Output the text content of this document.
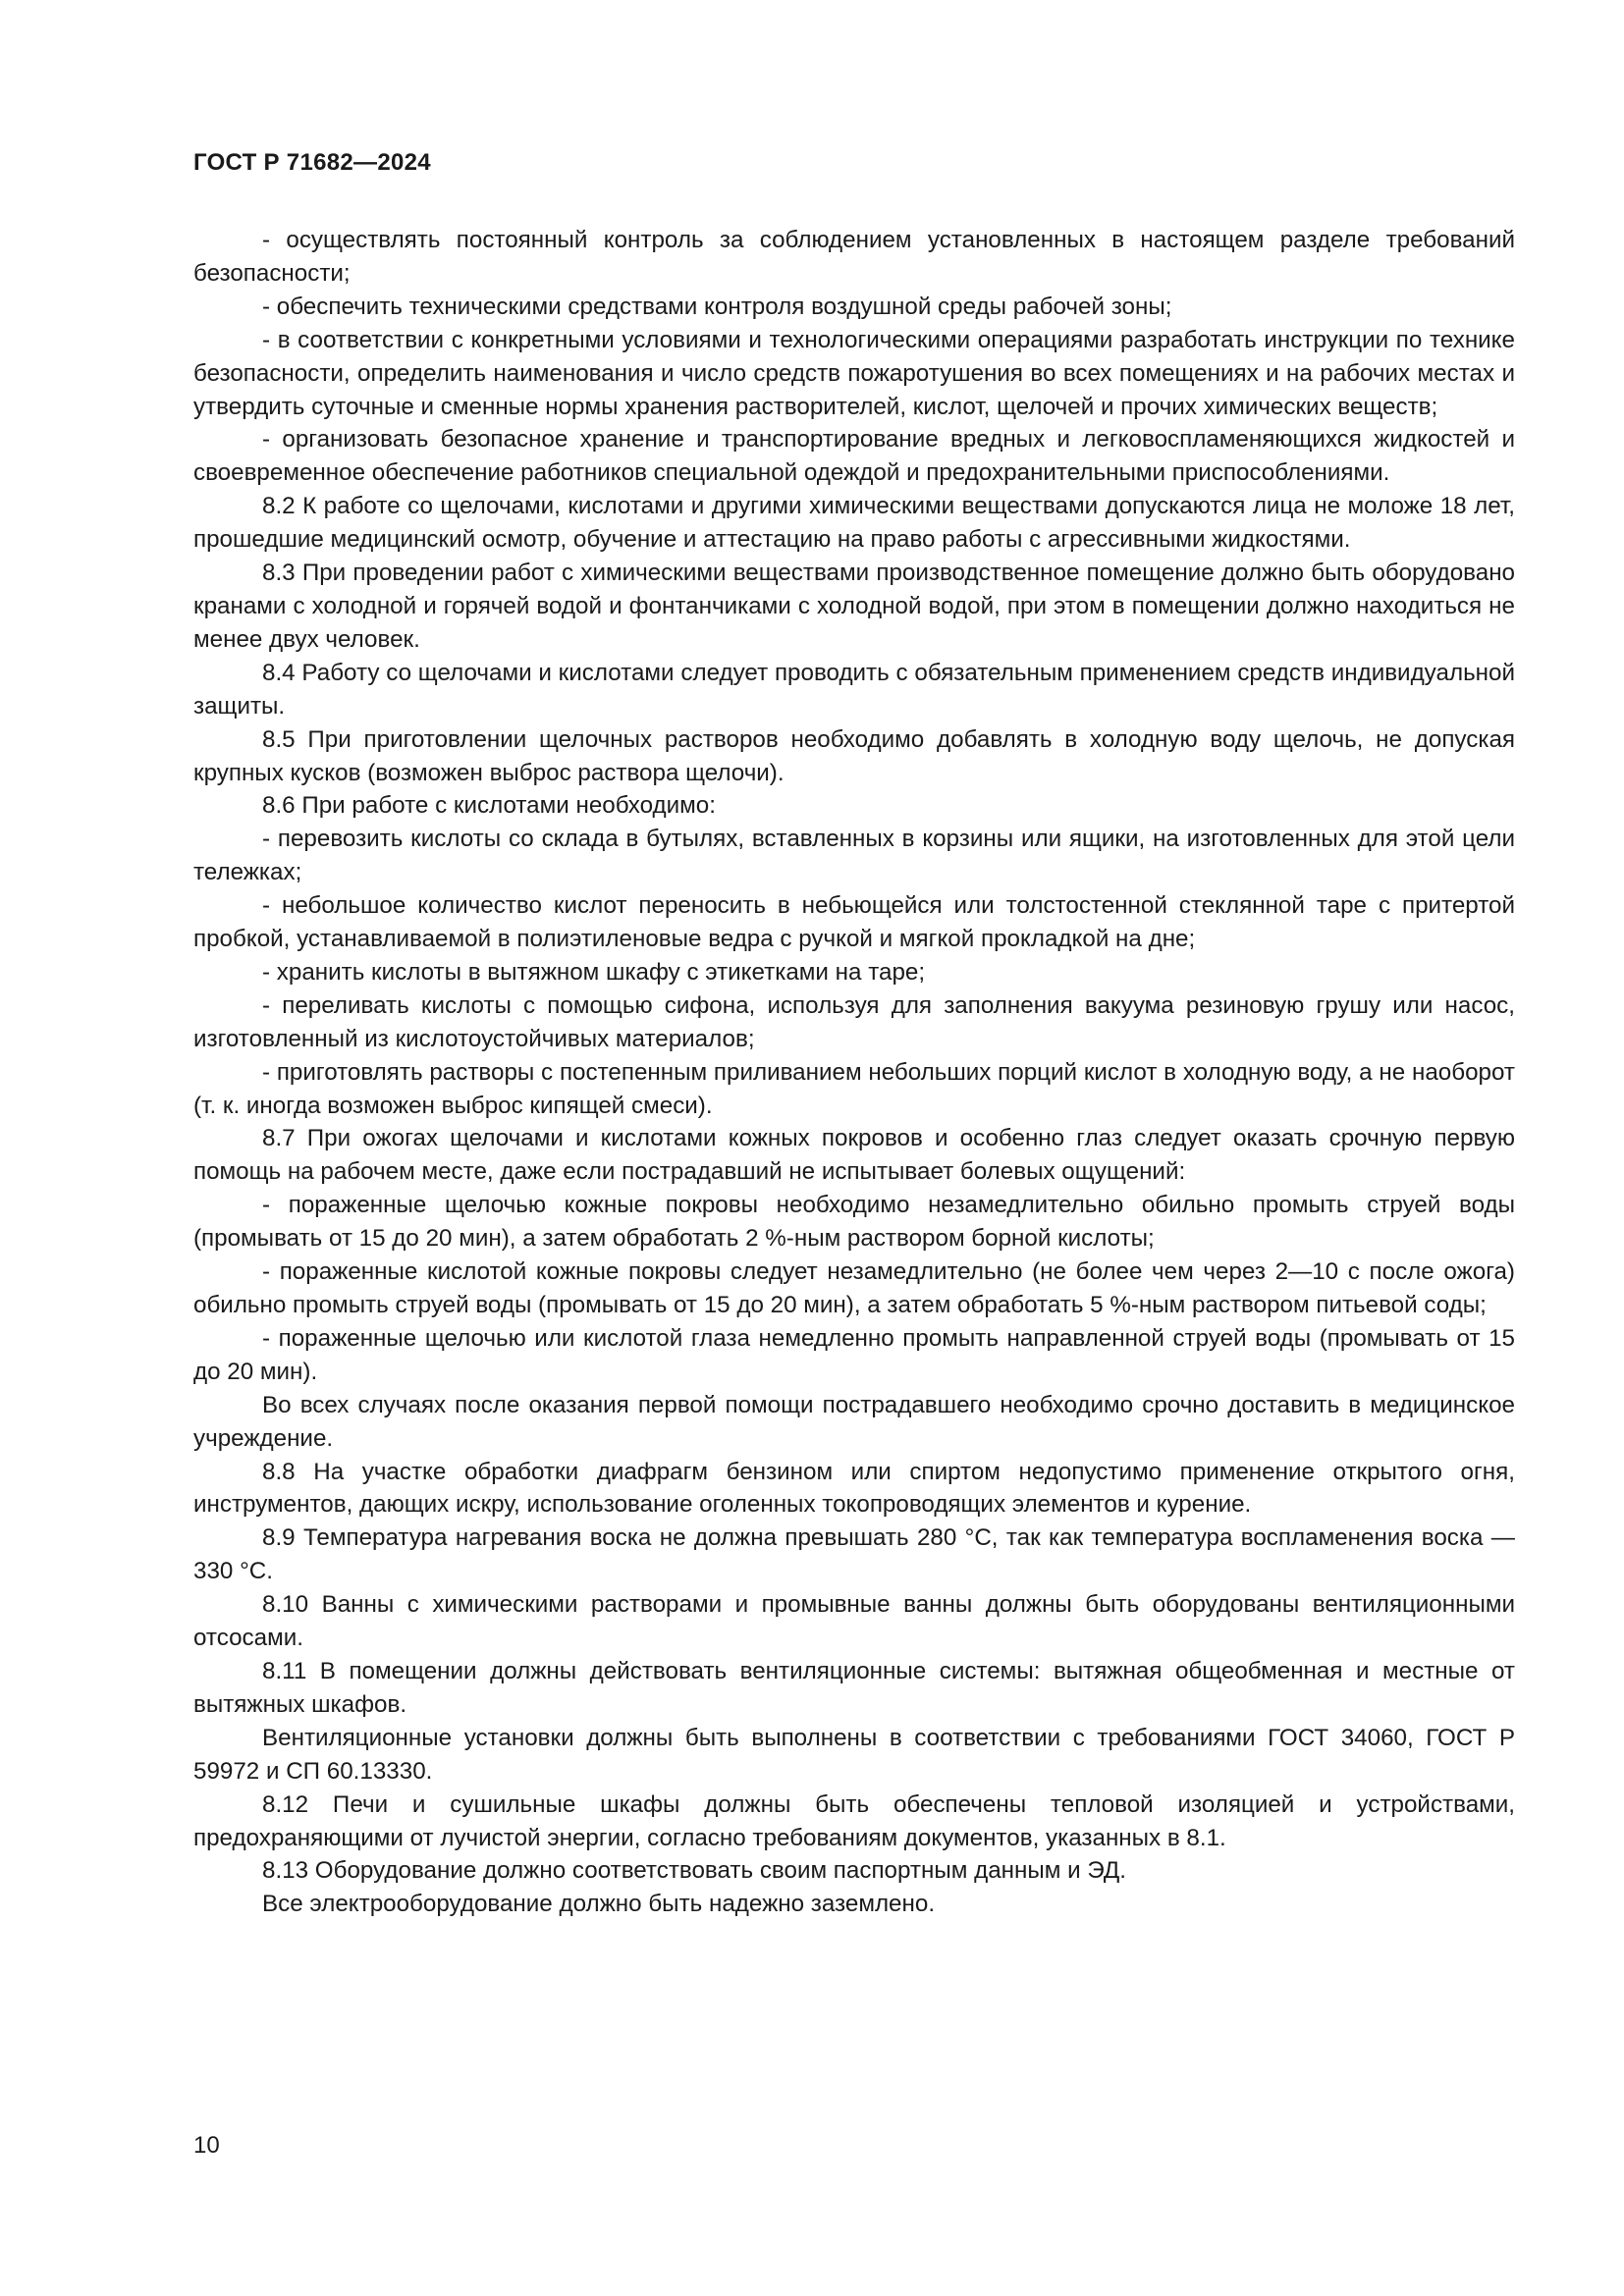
ГОСТ Р 71682—2024

- осуществлять постоянный контроль за соблюдением установленных в настоящем разделе требований безопасности;

- обеспечить техническими средствами контроля воздушной среды рабочей зоны;

- в соответствии с конкретными условиями и технологическими операциями разработать инструкции по технике безопасности, определить наименования и число средств пожаротушения во всех помещениях и на рабочих местах и утвердить суточные и сменные нормы хранения растворителей, кислот, щелочей и прочих химических веществ;

- организовать безопасное хранение и транспортирование вредных и легковоспламеняющихся жидкостей и своевременное обеспечение работников специальной одеждой и предохранительными приспособлениями.

8.2 К работе со щелочами, кислотами и другими химическими веществами допускаются лица не моложе 18 лет, прошедшие медицинский осмотр, обучение и аттестацию на право работы с агрессивными жидкостями.

8.3 При проведении работ с химическими веществами производственное помещение должно быть оборудовано кранами с холодной и горячей водой и фонтанчиками с холодной водой, при этом в помещении должно находиться не менее двух человек.

8.4 Работу со щелочами и кислотами следует проводить с обязательным применением средств индивидуальной защиты.

8.5 При приготовлении щелочных растворов необходимо добавлять в холодную воду щелочь, не допуская крупных кусков (возможен выброс раствора щелочи).

8.6 При работе с кислотами необходимо:

- перевозить кислоты со склада в бутылях, вставленных в корзины или ящики, на изготовленных для этой цели тележках;

- небольшое количество кислот переносить в небьющейся или толстостенной стеклянной таре с притертой пробкой, устанавливаемой в полиэтиленовые ведра с ручкой и мягкой прокладкой на дне;

- хранить кислоты в вытяжном шкафу с этикетками на таре;

- переливать кислоты с помощью сифона, используя для заполнения вакуума резиновую грушу или насос, изготовленный из кислотоустойчивых материалов;

- приготовлять растворы с постепенным приливанием небольших порций кислот в холодную воду, а не наоборот (т. к. иногда возможен выброс кипящей смеси).

8.7 При ожогах щелочами и кислотами кожных покровов и особенно глаз следует оказать срочную первую помощь на рабочем месте, даже если пострадавший не испытывает болевых ощущений:

- пораженные щелочью кожные покровы необходимо незамедлительно обильно промыть струей воды (промывать от 15 до 20 мин), а затем обработать 2 %-ным раствором борной кислоты;

- пораженные кислотой кожные покровы следует незамедлительно (не более чем через 2—10 с после ожога) обильно промыть струей воды (промывать от 15 до 20 мин), а затем обработать 5 %-ным раствором питьевой соды;

- пораженные щелочью или кислотой глаза немедленно промыть направленной струей воды (промывать от 15 до 20 мин).

Во всех случаях после оказания первой помощи пострадавшего необходимо срочно доставить в медицинское учреждение.

8.8 На участке обработки диафрагм бензином или спиртом недопустимо применение открытого огня, инструментов, дающих искру, использование оголенных токопроводящих элементов и курение.

8.9 Температура нагревания воска не должна превышать 280 °С, так как температура воспламенения воска — 330 °С.

8.10 Ванны с химическими растворами и промывные ванны должны быть оборудованы вентиляционными отсосами.

8.11 В помещении должны действовать вентиляционные системы: вытяжная общеобменная и местные от вытяжных шкафов.

Вентиляционные установки должны быть выполнены в соответствии с требованиями ГОСТ 34060, ГОСТ Р 59972 и СП 60.13330.

8.12 Печи и сушильные шкафы должны быть обеспечены тепловой изоляцией и устройствами, предохраняющими от лучистой энергии, согласно требованиям документов, указанных в 8.1.

8.13 Оборудование должно соответствовать своим паспортным данным и ЭД.

Все электрооборудование должно быть надежно заземлено.

10
